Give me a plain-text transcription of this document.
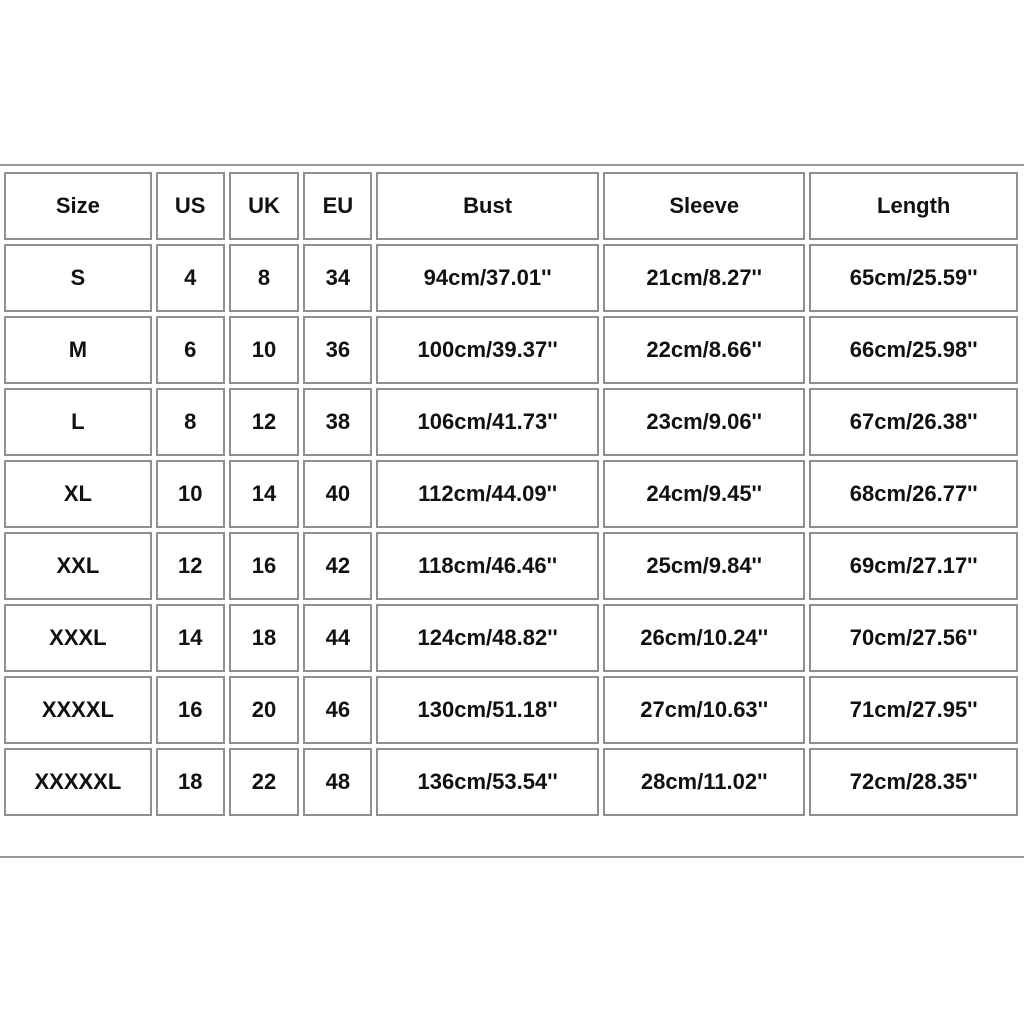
Size	US	UK	EU	Bust	Sleeve	Length
S	4	8	34	94cm/37.01''	21cm/8.27''	65cm/25.59''
M	6	10	36	100cm/39.37''	22cm/8.66''	66cm/25.98''
L	8	12	38	106cm/41.73''	23cm/9.06''	67cm/26.38''
XL	10	14	40	112cm/44.09''	24cm/9.45''	68cm/26.77''
XXL	12	16	42	118cm/46.46''	25cm/9.84''	69cm/27.17''
XXXL	14	18	44	124cm/48.82''	26cm/10.24''	70cm/27.56''
XXXXL	16	20	46	130cm/51.18''	27cm/10.63''	71cm/27.95''
XXXXXL	18	22	48	136cm/53.54''	28cm/11.02''	72cm/28.35''
